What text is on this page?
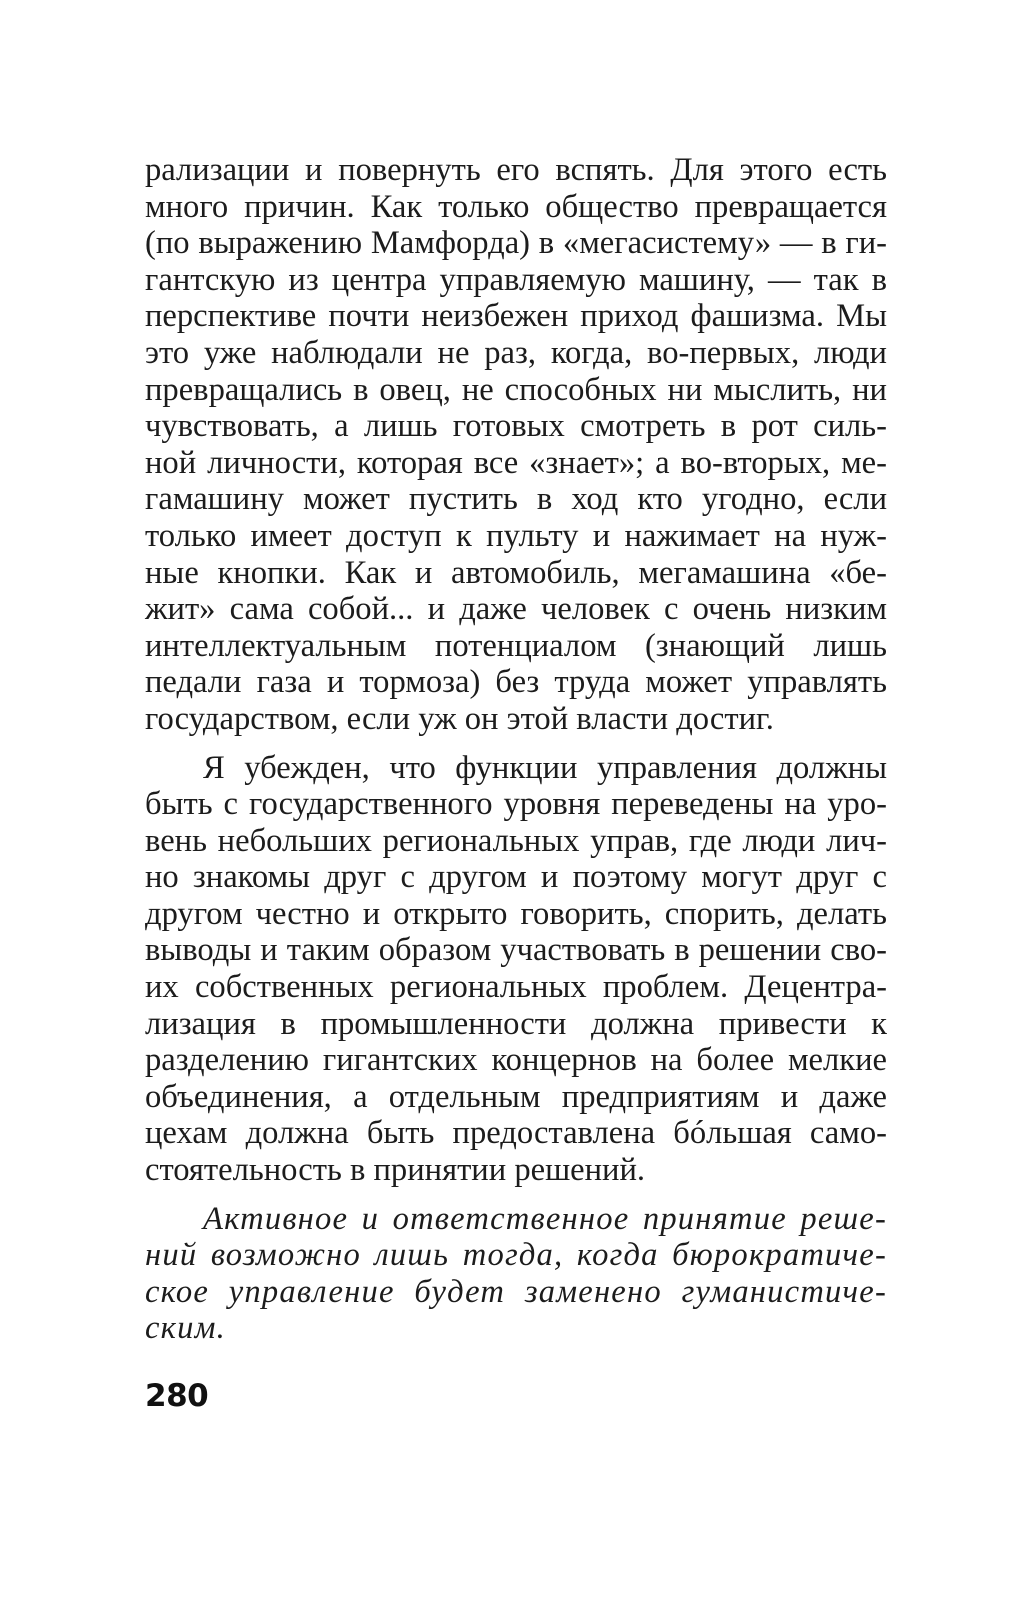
рализации и повернуть его вспять. Для этого есть
много причин. Как только общество превращается
(по выражению Мамфорда) в «мегасистему» — в ги-
гантскую из центра управляемую машину, — так в
перспективе почти неизбежен приход фашизма. Мы
это уже наблюдали не раз, когда, во-первых, люди
превращались в овец, не способных ни мыслить, ни
чувствовать, а лишь готовых смотреть в рот силь-
ной личности, которая все «знает»; а во-вторых, ме-
гамашину может пустить в ход кто угодно, если
только имеет доступ к пульту и нажимает на нуж-
ные кнопки. Как и автомобиль, мегамашина «бе-
жит» сама собой... и даже человек с очень низким
интеллектуальным потенциалом (знающий лишь
педали газа и тормоза) без труда может управлять
государством, если уж он этой власти достиг.

Я убежден, что функции управления должны
быть с государственного уровня переведены на уро-
вень небольших региональных управ, где люди лич-
но знакомы друг с другом и поэтому могут друг с
другом честно и открыто говорить, спорить, делать
выводы и таким образом участвовать в решении сво-
их собственных региональных проблем. Децентра-
лизация в промышленности должна привести к
разделению гигантских концернов на более мелкие
объединения, а отдельным предприятиям и даже
цехам должна быть предоставлена бóльшая само-
стоятельность в принятии решений.

Активное и ответственное принятие реше-
ний возможно лишь тогда, когда бюрократиче-
ское управление будет заменено гуманистиче-
ским.

280
